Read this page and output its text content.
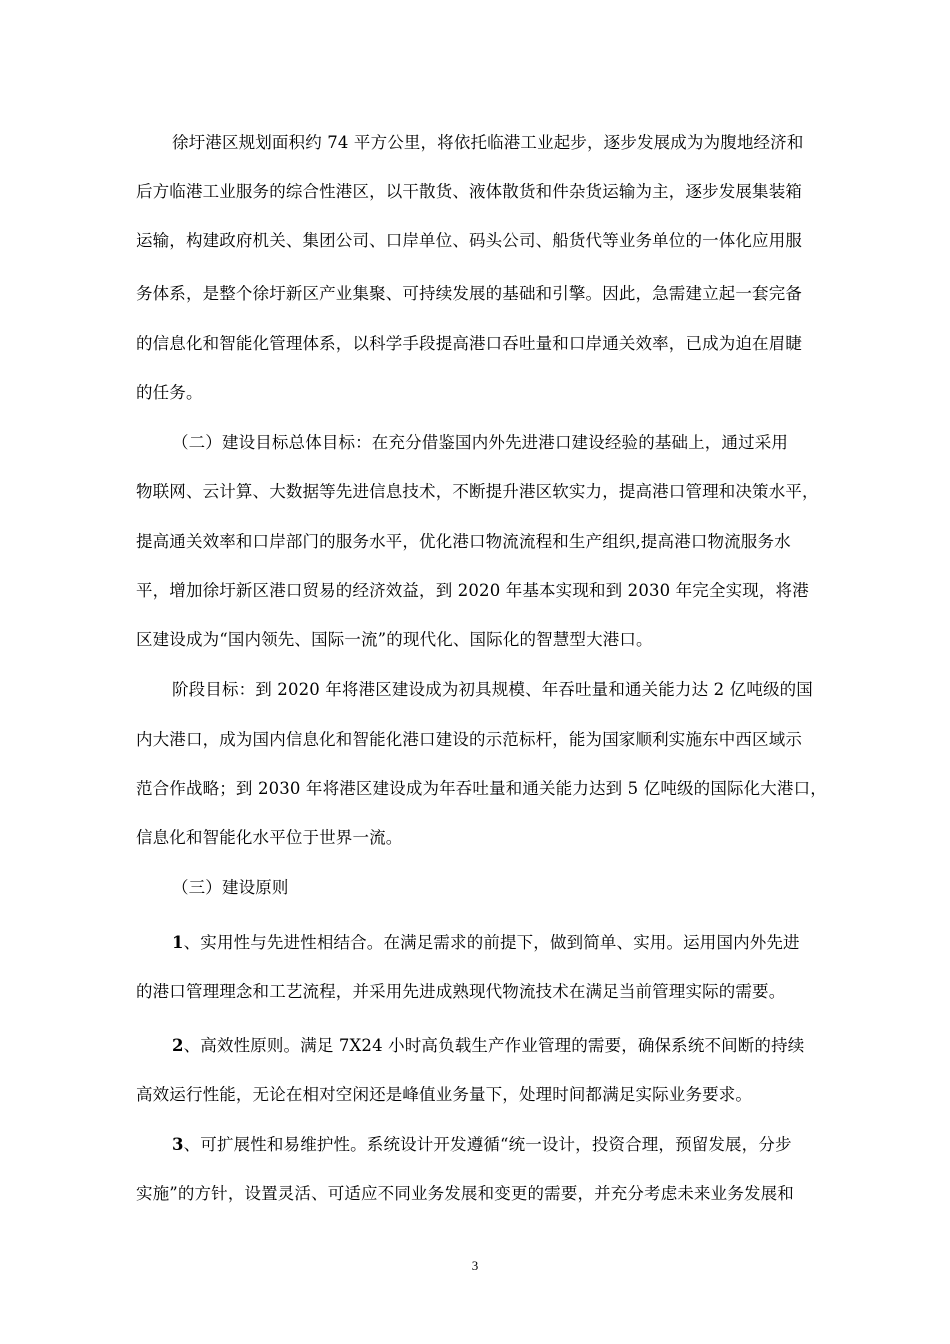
徐圩港区规划面积约 74 平方公里，将依托临港工业起步，逐步发展成为为腹地经济和
后方临港工业服务的综合性港区，以干散货、液体散货和件杂货运输为主，逐步发展集装箱
运输，构建政府机关、集团公司、口岸单位、码头公司、船货代等业务单位的一体化应用服
务体系，是整个徐圩新区产业集聚、可持续发展的基础和引擎。因此，急需建立起一套完备
的信息化和智能化管理体系，以科学手段提高港口吞吐量和口岸通关效率，已成为迫在眉睫
的任务。
（二）建设目标总体目标：在充分借鉴国内外先进港口建设经验的基础上，通过采用
物联网、云计算、大数据等先进信息技术，不断提升港区软实力，提高港口管理和决策水平，
提高通关效率和口岸部门的服务水平，优化港口物流流程和生产组织,提高港口物流服务水
平，增加徐圩新区港口贸易的经济效益，到 2020 年基本实现和到 2030 年完全实现，将港
区建设成为“国内领先、国际一流”的现代化、国际化的智慧型大港口。
阶段目标：到 2020 年将港区建设成为初具规模、年吞吐量和通关能力达 2 亿吨级的国
内大港口，成为国内信息化和智能化港口建设的示范标杆，能为国家顺利实施东中西区域示
范合作战略；到 2030 年将港区建设成为年吞吐量和通关能力达到 5 亿吨级的国际化大港口，
信息化和智能化水平位于世界一流。
（三）建设原则
1、实用性与先进性相结合。在满足需求的前提下，做到简单、实用。运用国内外先进
的港口管理理念和工艺流程，并采用先进成熟现代物流技术在满足当前管理实际的需要。
2、高效性原则。满足 7X24 小时高负载生产作业管理的需要，确保系统不间断的持续
高效运行性能，无论在相对空闲还是峰值业务量下，处理时间都满足实际业务要求。
3、可扩展性和易维护性。系统设计开发遵循“统一设计，投资合理，预留发展，分步
实施”的方针，设置灵活、可适应不同业务发展和变更的需要，并充分考虑未来业务发展和
3
